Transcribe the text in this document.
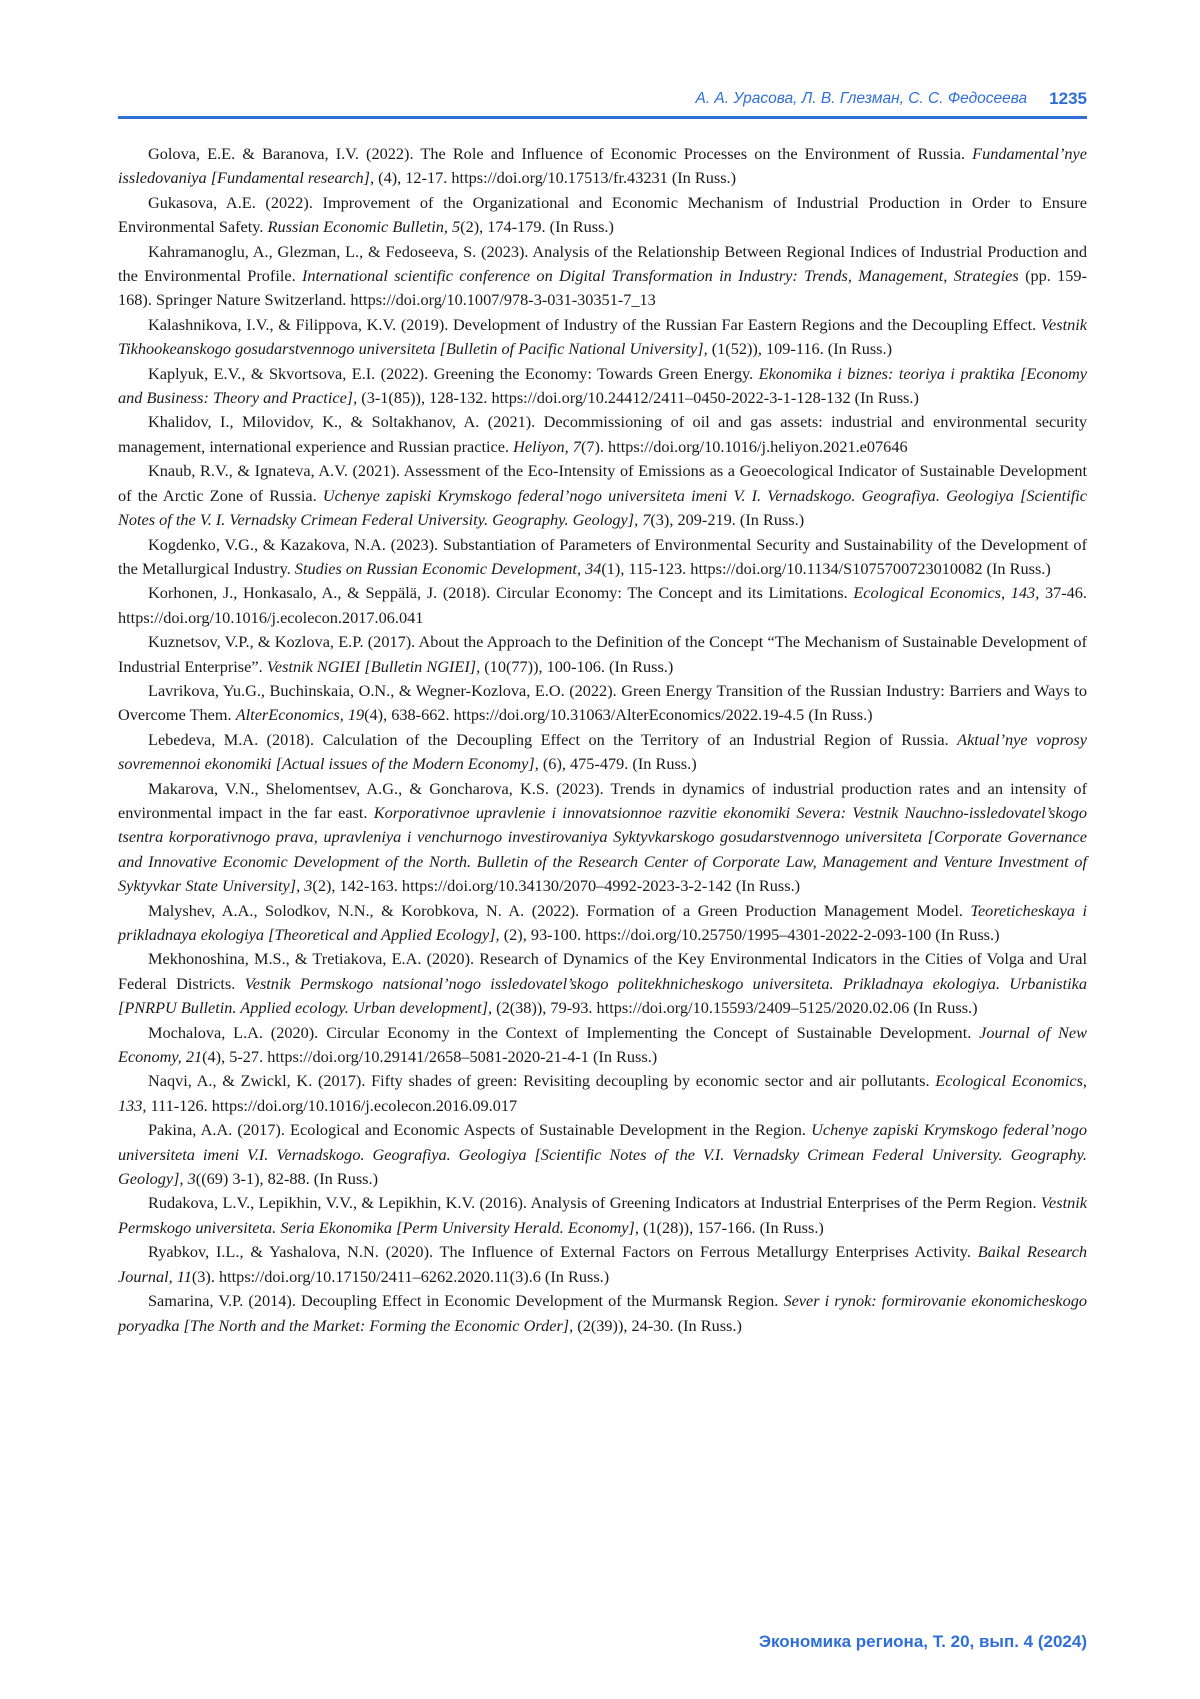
А. А. Урасова, Л. В. Глезман, С. С. Федосеева 1235

Golova, E.E. & Baranova, I.V. (2022). The Role and Influence of Economic Processes on the Environment of Russia. Fundamental’nye issledovaniya [Fundamental research], (4), 12-17. https://doi.org/10.17513/fr.43231 (In Russ.)

Gukasova, A.E. (2022). Improvement of the Organizational and Economic Mechanism of Industrial Production in Order to Ensure Environmental Safety. Russian Economic Bulletin, 5(2), 174-179. (In Russ.)

Kahramanoglu, A., Glezman, L., & Fedoseeva, S. (2023). Analysis of the Relationship Between Regional Indices of Industrial Production and the Environmental Profile. International scientific conference on Digital Transformation in Industry: Trends, Management, Strategies (pp. 159-168). Springer Nature Switzerland. https://doi.org/10.1007/978-3-031-30351-7_13

Kalashnikova, I.V., & Filippova, K.V. (2019). Development of Industry of the Russian Far Eastern Regions and the Decoupling Effect. Vestnik Tikhookeanskogo gosudarstvennogo universiteta [Bulletin of Pacific National University], (1(52)), 109-116. (In Russ.)

Kaplyuk, E.V., & Skvortsova, E.I. (2022). Greening the Economy: Towards Green Energy. Ekonomika i biznes: teoriya i praktika [Economy and Business: Theory and Practice], (3-1(85)), 128-132. https://doi.org/10.24412/2411–0450-2022-3-1-128-132 (In Russ.)

Khalidov, I., Milovidov, K., & Soltakhanov, A. (2021). Decommissioning of oil and gas assets: industrial and environmental security management, international experience and Russian practice. Heliyon, 7(7). https://doi.org/10.1016/j.heliyon.2021.e07646

Knaub, R.V., & Ignateva, A.V. (2021). Assessment of the Eco-Intensity of Emissions as a Geoecological Indicator of Sustainable Development of the Arctic Zone of Russia. Uchenye zapiski Krymskogo federal’nogo universiteta imeni V. I. Vernadskogo. Geografiya. Geologiya [Scientific Notes of the V. I. Vernadsky Crimean Federal University. Geography. Geology], 7(3), 209-219. (In Russ.)

Kogdenko, V.G., & Kazakova, N.A. (2023). Substantiation of Parameters of Environmental Security and Sustainability of the Development of the Metallurgical Industry. Studies on Russian Economic Development, 34(1), 115-123. https://doi.org/10.1134/S1075700723010082 (In Russ.)

Korhonen, J., Honkasalo, A., & Seppälä, J. (2018). Circular Economy: The Concept and its Limitations. Ecological Economics, 143, 37-46. https://doi.org/10.1016/j.ecolecon.2017.06.041

Kuznetsov, V.P., & Kozlova, E.P. (2017). About the Approach to the Definition of the Concept “The Mechanism of Sustainable Development of Industrial Enterprise”. Vestnik NGIEI [Bulletin NGIEI], (10(77)), 100-106. (In Russ.)

Lavrikova, Yu.G., Buchinskaia, O.N., & Wegner-Kozlova, E.O. (2022). Green Energy Transition of the Russian Industry: Barriers and Ways to Overcome Them. AlterEconomics, 19(4), 638-662. https://doi.org/10.31063/AlterEconomics/2022.19-4.5 (In Russ.)

Lebedeva, M.A. (2018). Calculation of the Decoupling Effect on the Territory of an Industrial Region of Russia. Aktual’nye voprosy sovremennoi ekonomiki [Actual issues of the Modern Economy], (6), 475-479. (In Russ.)

Makarova, V.N., Shelomentsev, A.G., & Goncharova, K.S. (2023). Trends in dynamics of industrial production rates and an intensity of environmental impact in the far east. Korporativnoe upravlenie i innovatsionnoe razvitie ekonomiki Severa: Vestnik Nauchno-issledovatel’skogo tsentra korporativnogo prava, upravleniya i venchurnogo investirovaniya Syktyvkarskogo gosudarstvennogo universiteta [Corporate Governance and Innovative Economic Development of the North. Bulletin of the Research Center of Corporate Law, Management and Venture Investment of Syktyvkar State University], 3(2), 142-163. https://doi.org/10.34130/2070–4992-2023-3-2-142 (In Russ.)

Malyshev, A.A., Solodkov, N.N., & Korobkova, N. A. (2022). Formation of a Green Production Management Model. Teoreticheskaya i prikladnaya ekologiya [Theoretical and Applied Ecology], (2), 93-100. https://doi.org/10.25750/1995–4301-2022-2-093-100 (In Russ.)

Mekhonoshina, M.S., & Tretiakova, E.A. (2020). Research of Dynamics of the Key Environmental Indicators in the Cities of Volga and Ural Federal Districts. Vestnik Permskogo natsional’nogo issledovatel’skogo politekhnicheskogo universiteta. Prikladnaya ekologiya. Urbanistika [PNRPU Bulletin. Applied ecology. Urban development], (2(38)), 79-93. https://doi.org/10.15593/2409–5125/2020.02.06 (In Russ.)

Mochalova, L.A. (2020). Circular Economy in the Context of Implementing the Concept of Sustainable Development. Journal of New Economy, 21(4), 5-27. https://doi.org/10.29141/2658–5081-2020-21-4-1 (In Russ.)

Naqvi, A., & Zwickl, K. (2017). Fifty shades of green: Revisiting decoupling by economic sector and air pollutants. Ecological Economics, 133, 111-126. https://doi.org/10.1016/j.ecolecon.2016.09.017

Pakina, A.A. (2017). Ecological and Economic Aspects of Sustainable Development in the Region. Uchenye zapiski Krymskogo federal’nogo universiteta imeni V.I. Vernadskogo. Geografiya. Geologiya [Scientific Notes of the V.I. Vernadsky Crimean Federal University. Geography. Geology], 3((69) 3-1), 82-88. (In Russ.)

Rudakova, L.V., Lepikhin, V.V., & Lepikhin, K.V. (2016). Analysis of Greening Indicators at Industrial Enterprises of the Perm Region. Vestnik Permskogo universiteta. Seria Ekonomika [Perm University Herald. Economy], (1(28)), 157-166. (In Russ.)

Ryabkov, I.L., & Yashalova, N.N. (2020). The Influence of External Factors on Ferrous Metallurgy Enterprises Activity. Baikal Research Journal, 11(3). https://doi.org/10.17150/2411–6262.2020.11(3).6 (In Russ.)

Samarina, V.P. (2014). Decoupling Effect in Economic Development of the Murmansk Region. Sever i rynok: formirovanie ekonomicheskogo poryadka [The North and the Market: Forming the Economic Order], (2(39)), 24-30. (In Russ.)

Экономика региона, Т. 20, вып. 4 (2024)
